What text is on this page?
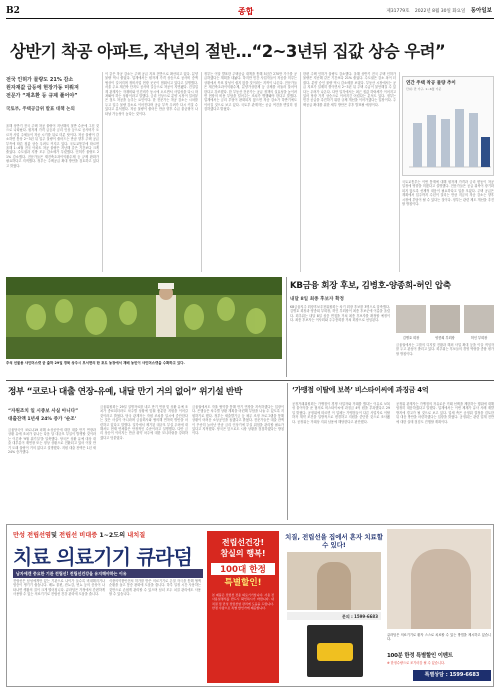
B2	종합	제31779호 2022년 8월 30일 화요일 동아일보
상반기 착공 아파트, 작년의 절반…“2~3년뒤 집값 상승 우려”
전국 인허가 물량도 21% 감소
원자재값 급등에 현장가동 미뤄져
전문가 “재초환 등 규제 풀어야”
국토부, 주택공급위 발표 대책 논의
올해 상반기 전국 주택 착공 물량이 지난해의 절반 수준에 그친 것으로 나타났다. 원자재 가격 급등과 금리 인상 등으로 공사비가 오르자 사업 주체들이 착공 시기를 뒤로 미룬 탓이다. 착공 물량이 감소하면 통상 2~3년 뒤 입주 물량이 줄어드는 만큼 향후 주택 공급 부족에 따른 집값 상승 우려도 커지고 있다. 국토교통부에 따르면 올해 1∼6월 전국 아파트 착공 물량은 지난해 같은 기간보다 크게 줄었다. 수도권과 지방 모두 감소세가 뚜렷했다. 인허가 물량도 21% 감소했다. 전문가들은 재건축초과이익환수제 등 규제 완화가 필요하다고 지적했다. 정부는 주택공급 확대 방안을 검토하고 있다고 밝혔다.
이 같은 착공 감소는 주택 공급 지표 전반으로 확산되고 있다. 분양 물량 역시 줄었다. 업계에서는 원자재 가격 상승으로 공사비 증액 협상이 길어지며 정비사업 현장 곳곳이 멈춰서고 있다고 설명했다. 서울 주요 재건축 단지도 공사비 갈등으로 착공이 지연됐다. 건설업계 관계자는 자재비와 인건비가 동시에 오르면서 사업성을 다시 따져봐야 하는 상황이라고 말했다. 금리 인상으로 분양 시장이 얼어붙은 점도 착공을 늦추는 요인이다. 한 전문가는 착공 감소는 시차를 두고 입주 물량 감소로 이어진다며 공급 부족 우려가 다시 커질 수 있다고 분석했다. 착공 물량이 줄어든 만큼 향후 수급 불균형이 나타날 가능성이 높다는 것이다.
정부는 이달 발표한 주택공급 대책을 통해 5년간 270만 가구를 공급하겠다는 계획을 내놨다. 하지만 민간 사업자들이 착공을 미루는 상황에서 목표 달성이 쉽지 않을 것이라는 지적이 나온다. 전문가들은 재건축초과이익환수제, 분양가상한제 등 규제를 서둘러 풀어야 한다고 강조했다. 한 부동산 전문가는 공급 정책의 실효성을 높이려면 현장의 비용 부담을 덜어주는 조치가 병행돼야 한다고 말했다. 업계에서는 금리 부담이 완화되지 않으면 착공 감소가 하반기에도 이어질 것으로 보고 있다. 국토부 관계자는 공급 여건을 면밀히 점검하겠다고 밝혔다.
한편 주택 인허가 물량도 감소했다. 올해 상반기 전국 주택 인허가 물량은 지난해 같은 기간보다 21% 줄었다. 수도권은 감소 폭이 더 컸다. 분양 승인 물량 역시 감소세를 보였다. 부동산 시장에서는 공급 지표가 일제히 꺾이면서 2~3년 뒤 주택 수급이 불안해질 수 있다는 우려가 나온다. 다만 일각에서는 최근 집값 하락세가 이어지고 있어 당장 가격 상승으로 이어지긴 어렵다는 분석도 있다. 정부는 민간 공급을 촉진하기 위한 규제 개선을 이어가겠다는 입장이다. 주택공급 확대를 위한 세부 방안은 추후 발표될 예정이다.
연간 주택 착공 물량 추이
단위: 만 가구, 1∼6월 기준
국토교통부는 이번 통계에 대해 원자재 가격과 금리 변동이 착공 일정에 영향을 미쳤다고 설명했다. 전문가들은 공급 위축이 장기화되지 않도록 선제적 대응이 필요하다고 입을 모았다. 주택 공급은 계획에서 입주까지 수년이 걸리는 만큼 지금의 착공 감소는 향후 시장에 부담이 될 수 있다는 것이다. 정부는 관련 제도 개선을 추진할 방침이다.
추석 선물용 샤인머스캣 굳 출하 29일 경북 상주시 모서면의 한 포도 농장에서 재배 농민이 샤인머스캣을 수확하고 있다.
KB금융 회장 후보, 김병호-양종희-허인 압축
내달 8일 최종 후보자 확정
KB금융지주 회장후보추천위원회는 차기 회장 후보를 3명으로 압축했다. 김병호 회장과 양종희 부회장, 허인 부회장이 최종 후보군에 이름을 올렸다. 회추위는 내달 8일 심층 면접을 거쳐 최종 후보자를 확정할 예정이다. 최종 후보자는 이사회와 주주총회를 거쳐 회장으로 선임된다.
김병호 회장	양종희 부회장	허인 부회장
금융권에서는 그룹의 디지털 전환과 해외 사업 확대 등을 이끌 적임자를 두고 관심이 쏠리고 있다. 회추위는 후보들의 경영 역량을 종합 평가할 방침이다.
정부 “코로나 대출 연장-유예, 내달 만기 거의 없어” 위기설 반박
“자원조치 일 시중보 사실 아니다”
대출잔액 1년새 24% 증가 ‘순조’
금융당국이 코로나19 피해 소상공인에 대한 대출 만기 연장과 상환 유예 조치가 끝나는 다음 달 대규모 부실이 발생할 것이라는 이른바 ‘9월 위기설’을 일축했다. 당국은 상환 유예 대상 대출 대부분이 재연장 또는 정상 상환으로 전환되고 있어 이달 만기 도래 물량이 거의 없다고 설명했다. 지원 대출 잔액은 1년 새 24% 증가했다.
금융위원회는 29일 설명자료를 내고 만기 연장 및 상환 유예 조치가 종료되더라도 차주별 상황에 맞춰 충분한 지원을 이어갈 것이라고 밝혔다. 당국 관계자는 자원 조치를 일시에 중단한다는 것은 사실이 아니라며 금융회사와 협의해 연착륙 방안을 마련하고 있다고 말했다. 일각에서 제기된 대규모 부실 우려에 대해서도 현재 연체율은 안정적인 수준이라고 설명했다. 다만 금리 상승이 이어지는 만큼 취약 차주에 대한 모니터링을 강화하겠다고 덧붙였다.
금융권에서도 자율 협약을 통해 만기 연장을 지속하겠다는 입장이다. 은행들은 차주별 상환 계획을 마련해 부담을 나눌 수 있도록 지원하기로 했다. 정부는 새출발기금 등 채무 조정 프로그램을 통해 상환이 어려운 소상공인을 돕겠다고 밝혔다. 전문가들은 대출 잔액이 꾸준히 늘어난 만큼 금리 인상기에 부실 위험을 관리할 필요가 있다고 지적했다. 당국은 앞으로도 시장 상황을 점검하겠다는 방침이다.
‘가맹점 이탈에 보복’ 비스타이씨에 과징금 4억
공정거래위원회는 가맹점이 경쟁 사업자와 거래를 했다는 이유로 보복성 불이익을 준 혐의로 비스타이씨에 과징금 4억 원을 부과했다고 29일 밝혔다. 공정위에 따르면 이 업체는 가맹점들이 다른 사업자로 이탈하자 계약 조건을 일방적으로 변경하고 지원을 중단한 것으로 조사됐다. 공정위는 거래상 지위 남용에 해당한다고 판단했다.
공정위 관계자는 가맹점의 자유로운 거래 선택을 제한하는 행위에 대해 엄정히 대응하겠다고 말했다. 업계에서는 이번 제재가 유사 사례 재발 방지에 경고가 될 것으로 보고 있다. 업체 측은 공정위 결정을 검토한 뒤 대응 방안을 마련하겠다는 입장을 밝혔다. 공정위는 관련 업계 전반에 대한 실태 점검도 진행할 계획이다.
만성 전립선염및 전립선 비대증 1~2도의 내치질
치료 의료기기 큐라덤
남자에겐 중요한 기관 전립선! 전립선건강을 유지해야하는 이유
전립선은 남성에게만 있는 기관으로 나이가 들수록 비대해지거나 염증이 생기기 쉽습니다. 배뇨 불편, 잔뇨감, 빈뇨 등의 증상이 나타나면 생활의 질이 크게 떨어집니다. 큐라덤은 가정에서 간편하게 사용할 수 있는 의료기기로 전립선 건강 관리에 도움을 줍니다.
식품의약품안전처 허가를 받은 의료기기로 온열 자극을 통해 혈액순환을 돕고 통증 완화에 도움을 줍니다. 하루 일정 시간 사용하는 것만으로 손쉽게 관리할 수 있으며 남녀 모두 치질 관리에도 사용할 수 있습니다.
전립선건강!
참실의 행복!
100대 한정
특별할인!
본 제품은 전립선 전용 의료기기입니다. 사용 전 사용설명서를 반드시 확인하시기 바랍니다. 내치질 및 만성 전립선염 관리에 도움을 드립니다. 한정 수량으로 특별 할인가에 제공합니다.
치질, 전립선을 집에서 혼자 치료할 수 있다!
문의 : 1599-6683
큐라덤은 의료기기로 환자 스스로 치료할 수 있는 방법을 제시하고 있습니다.
100분 한정 특별할인 이벤트
※ 한정수량으로 조기마감 될 수 있습니다.
특별상담 : 1599-6683
